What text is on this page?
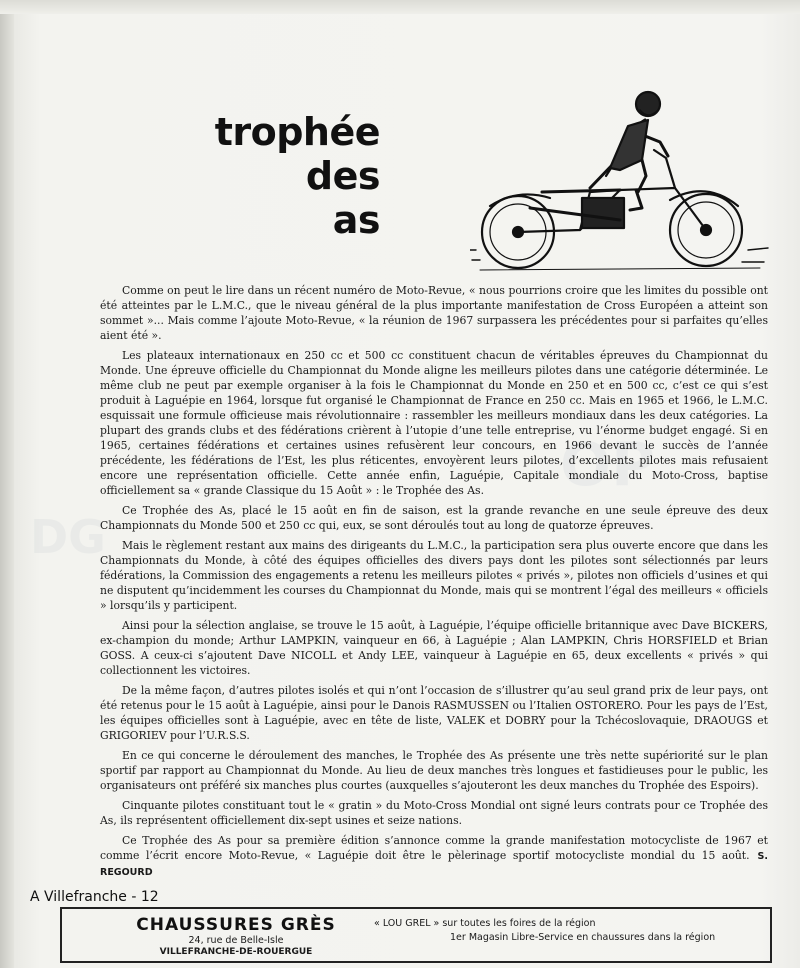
OP
DG
trophée
des
as

Comme on peut le lire dans un récent numéro de Moto-Revue, « nous pourrions croire que les limites du possible ont été atteintes par le L.M.C., que le niveau général de la plus importante manifestation de Cross Européen a atteint son sommet »... Mais comme l’ajoute Moto-Revue, « la réunion de 1967 surpassera les précédentes pour si parfaites qu’elles aient été ».

Les plateaux internationaux en 250 cc et 500 cc constituent chacun de véritables épreuves du Championnat du Monde. Une épreuve officielle du Championnat du Monde aligne les meilleurs pilotes dans une catégorie déterminée. Le même club ne peut par exemple organiser à la fois le Championnat du Monde en 250 et en 500 cc, c’est ce qui s’est produit à Laguépie en 1964, lorsque fut organisé le Championnat de France en 250 cc. Mais en 1965 et 1966, le L.M.C. esquissait une formule officieuse mais révolutionnaire : rassembler les meilleurs mondiaux dans les deux catégories. La plupart des grands clubs et des fédérations crièrent à l’utopie d’une telle entreprise, vu l’énorme budget engagé. Si en 1965, certaines fédérations et certaines usines refusèrent leur concours, en 1966 devant le succès de l’année précédente, les fédérations de l’Est, les plus réticentes, envoyèrent leurs pilotes, d’excellents pilotes mais refusaient encore une représentation officielle. Cette année enfin, Laguépie, Capitale mondiale du Moto-Cross, baptise officiellement sa « grande Classique du 15 Août » : le Trophée des As.

Ce Trophée des As, placé le 15 août en fin de saison, est la grande revanche en une seule épreuve des deux Championnats du Monde 500 et 250 cc qui, eux, se sont déroulés tout au long de quatorze épreuves.

Mais le règlement restant aux mains des dirigeants du L.M.C., la participation sera plus ouverte encore que dans les Championnats du Monde, à côté des équipes officielles des divers pays dont les pilotes sont sélectionnés par leurs fédérations, la Commission des engagements a retenu les meilleurs pilotes « privés », pilotes non officiels d’usines et qui ne disputent qu’incidemment les courses du Championnat du Monde, mais qui se montrent l’égal des meilleurs « officiels » lorsqu’ils y participent.

Ainsi pour la sélection anglaise, se trouve le 15 août, à Laguépie, l’équipe officielle britannique avec Dave BICKERS, ex-champion du monde; Arthur LAMPKIN, vainqueur en 66, à Laguépie ; Alan LAMPKIN, Chris HORSFIELD et Brian GOSS. A ceux-ci s’ajoutent Dave NICOLL et Andy LEE, vainqueur à Laguépie en 65, deux excellents « privés » qui collectionnent les victoires.

De la même façon, d’autres pilotes isolés et qui n’ont l’occasion de s’illustrer qu’au seul grand prix de leur pays, ont été retenus pour le 15 août à Laguépie, ainsi pour le Danois RASMUSSEN ou l’Italien OSTORERO. Pour les pays de l’Est, les équipes officielles sont à Laguépie, avec en tête de liste, VALEK et DOBRY pour la Tchécoslovaquie, DRAOUGS et GRIGORIEV pour l’U.R.S.S.

En ce qui concerne le déroulement des manches, le Trophée des As présente une très nette supériorité sur le plan sportif par rapport au Championnat du Monde. Au lieu de deux manches très longues et fastidieuses pour le public, les organisateurs ont préféré six manches plus courtes (auxquelles s’ajouteront les deux manches du Trophée des Espoirs).

Cinquante pilotes constituant tout le « gratin » du Moto-Cross Mondial ont signé leurs contrats pour ce Trophée des As, ils représentent officiellement dix-sept usines et seize nations.

Ce Trophée des As pour sa première édition s’annonce comme la grande manifestation motocycliste de 1967 et comme l’écrit encore Moto-Revue, « Laguépie doit être le pèlerinage sportif motocycliste mondial du 15 août. S. REGOURD

A Villefranche - 12
CHAUSSURES GRÈS
24, rue de Belle-Isle
VILLEFRANCHE-DE-ROUERGUE
« LOU GREL » sur toutes les foires de la région
1er Magasin Libre-Service en chaussures dans la région
